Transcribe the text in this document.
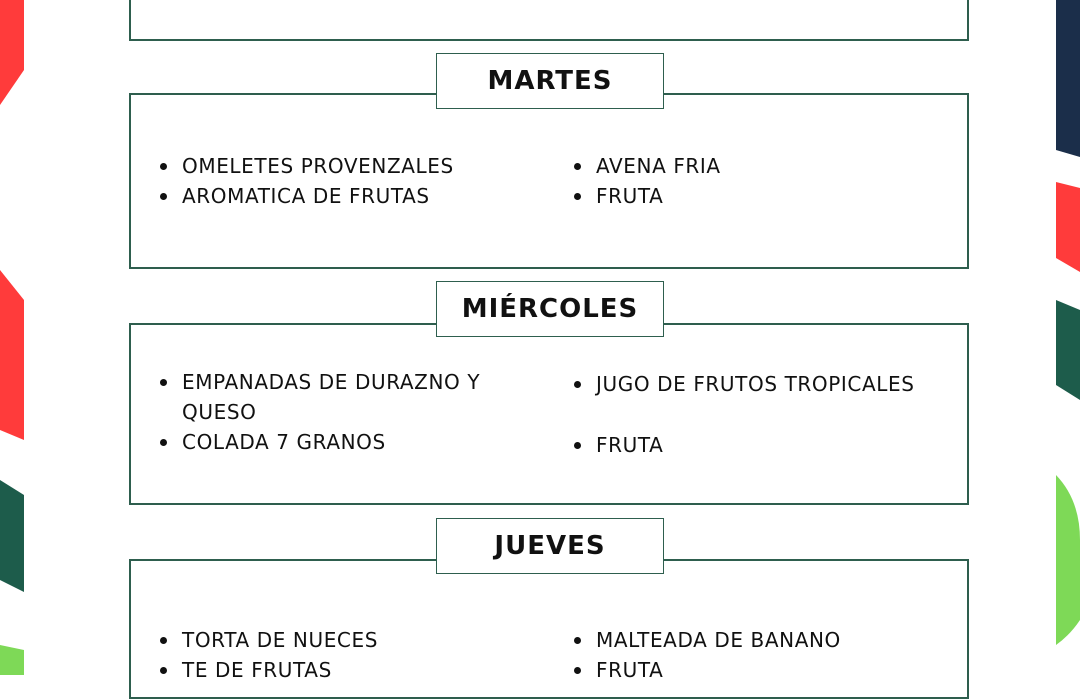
MARTES
OMELETES PROVENZALES
AROMATICA DE FRUTAS
AVENA FRIA
FRUTA
MIÉRCOLES
EMPANADAS DE DURAZNO Y
QUESO
COLADA 7 GRANOS
JUGO DE FRUTOS TROPICALES
FRUTA
JUEVES
TORTA DE NUECES
TE DE FRUTAS
MALTEADA DE BANANO
FRUTA
